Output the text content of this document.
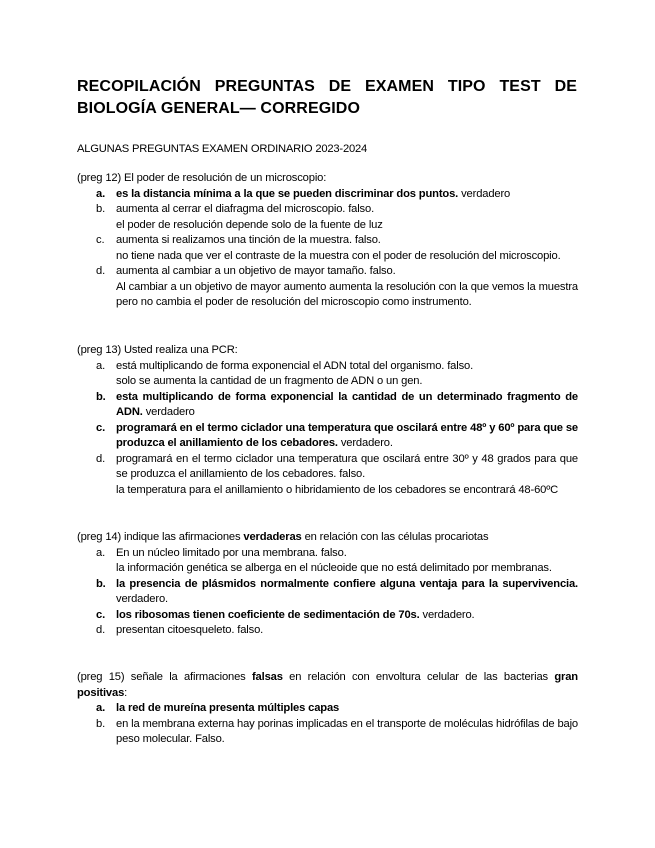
RECOPILACIÓN PREGUNTAS DE EXAMEN TIPO TEST DE BIOLOGÍA GENERAL— CORREGIDO
ALGUNAS PREGUNTAS EXAMEN ORDINARIO 2023-2024
(preg 12) El poder de resolución de un microscopio:
a. es la distancia mínima a la que se pueden discriminar dos puntos. verdadero
b. aumenta al cerrar el diafragma del microscopio. falso.
el poder de resolución depende solo de la fuente de luz
c. aumenta si realizamos una tinción de la muestra. falso.
no tiene nada que ver el contraste de la muestra con el poder de resolución del microscopio.
d. aumenta al cambiar a un objetivo de mayor tamaño. falso.
Al cambiar a un objetivo de mayor aumento aumenta la resolución con la que vemos la muestra pero no cambia el poder de resolución del microscopio como instrumento.
(preg 13) Usted realiza una PCR:
a. está multiplicando de forma exponencial el ADN total del organismo. falso.
solo se aumenta la cantidad de un fragmento de ADN o un gen.
b. esta multiplicando de forma exponencial la cantidad de un determinado fragmento de ADN. verdadero
c. programará en el termo ciclador una temperatura que oscilará entre 48º y 60º para que se produzca el anillamiento de los cebadores. verdadero.
d. programará en el termo ciclador una temperatura que oscilará entre 30º y 48 grados para que se produzca el anillamiento de los cebadores. falso.
la temperatura para el anillamiento o hibridamiento de los cebadores se encontrará 48-60ºC
(preg 14) indique las afirmaciones verdaderas en relación con las células procariotas
a. En un núcleo limitado por una membrana. falso.
la información genética se alberga en el núcleoide que no está delimitado por membranas.
b. la presencia de plásmidos normalmente confiere alguna ventaja para la supervivencia. verdadero.
c. los ribosomas tienen coeficiente de sedimentación de 70s. verdadero.
d. presentan citoesqueleto. falso.
(preg 15) señale la afirmaciones falsas en relación con envoltura celular de las bacterias gran positivas:
a. la red de mureína presenta múltiples capas
b. en la membrana externa hay porinas implicadas en el transporte de moléculas hidrófilas de bajo peso molecular. Falso.
